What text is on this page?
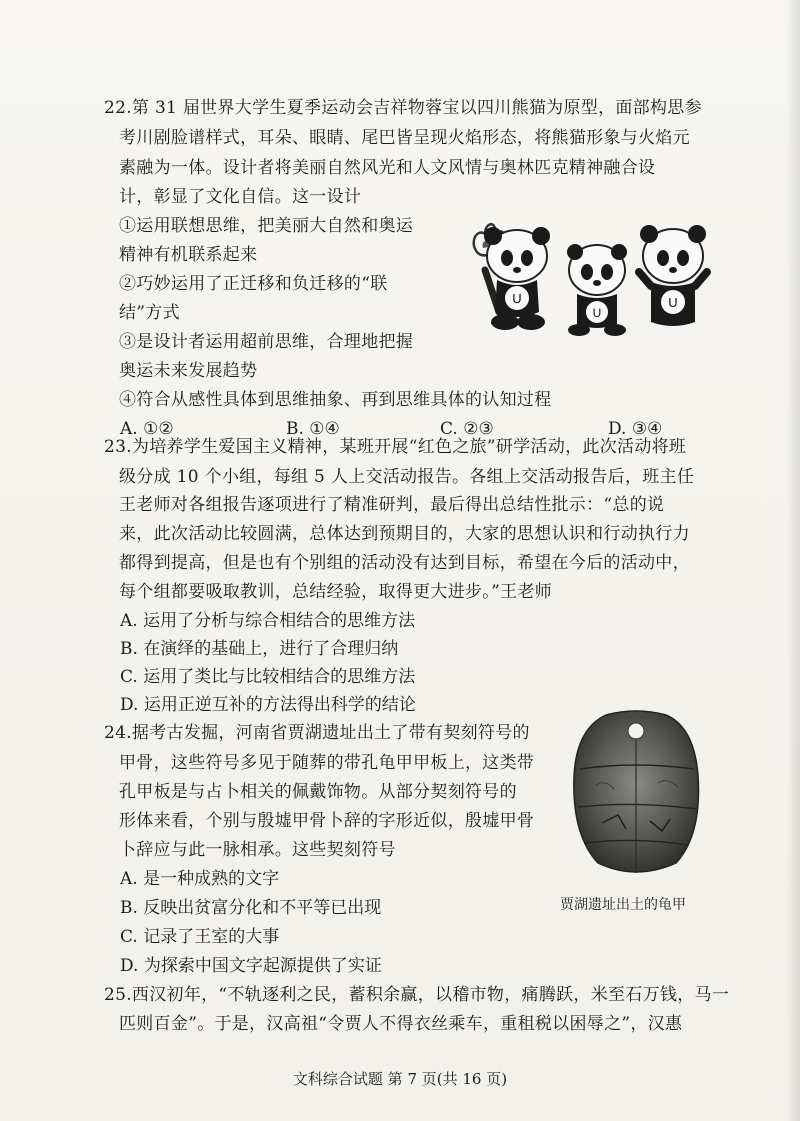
22.第 31 届世界大学生夏季运动会吉祥物蓉宝以四川熊猫为原型，面部构思参
考川剧脸谱样式，耳朵、眼睛、尾巴皆呈现火焰形态，将熊猫形象与火焰元
素融为一体。设计者将美丽自然风光和人文风情与奥林匹克精神融合设
计，彰显了文化自信。这一设计
①运用联想思维，把美丽大自然和奥运
精神有机联系起来
②巧妙运用了正迁移和负迁移的“联
结”方式
③是设计者运用超前思维，合理地把握
奥运未来发展趋势
④符合从感性具体到思维抽象、再到思维具体的认知过程
A. ①②	B. ①④	C. ②③	D. ③④
U
U
U
23.为培养学生爱国主义精神，某班开展“红色之旅”研学活动，此次活动将班
级分成 10 个小组，每组 5 人上交活动报告。各组上交活动报告后，班主任
王老师对各组报告逐项进行了精准研判，最后得出总结性批示：“总的说
来，此次活动比较圆满，总体达到预期目的，大家的思想认识和行动执行力
都得到提高，但是也有个别组的活动没有达到目标，希望在今后的活动中，
每个组都要吸取教训，总结经验，取得更大进步。”王老师
A. 运用了分析与综合相结合的思维方法
B. 在演绎的基础上，进行了合理归纳
C. 运用了类比与比较相结合的思维方法
D. 运用正逆互补的方法得出科学的结论
24.据考古发掘，河南省贾湖遗址出土了带有契刻符号的
甲骨，这些符号多见于随葬的带孔龟甲甲板上，这类带
孔甲板是与占卜相关的佩戴饰物。从部分契刻符号的
形体来看，个别与殷墟甲骨卜辞的字形近似，殷墟甲骨
卜辞应与此一脉相承。这些契刻符号
A. 是一种成熟的文字
B. 反映出贫富分化和不平等已出现
C. 记录了王室的大事
D. 为探索中国文字起源提供了实证
贾湖遗址出土的龟甲
25.西汉初年，“不轨逐利之民，蓄积余赢，以稽市物，痛腾跃，米至石万钱，马一
匹则百金”。于是，汉高祖“令贾人不得衣丝乘车，重租税以困辱之”，汉惠
文科综合试题 第 7 页(共 16 页)
